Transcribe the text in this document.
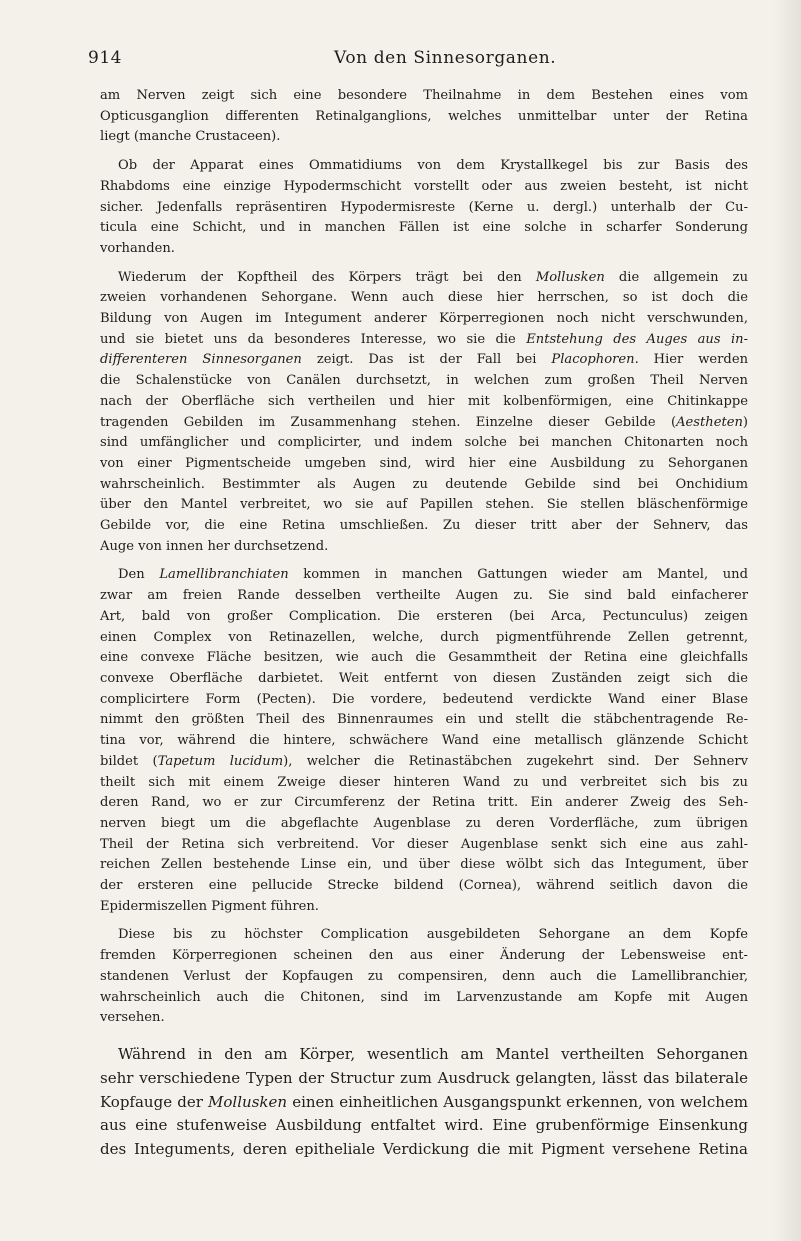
914	Von den Sinnesorganen.
am Nerven zeigt sich eine besondere Theilnahme in dem Bestehen eines vom
Opticusganglion differenten Retinalganglions, welches unmittelbar unter der Retina
liegt (manche Crustaceen).
Ob der Apparat eines Ommatidiums von dem Krystallkegel bis zur Basis des
Rhabdoms eine einzige Hypodermschicht vorstellt oder aus zweien besteht, ist nicht
sicher. Jedenfalls repräsentiren Hypodermisreste (Kerne u. dergl.) unterhalb der Cu-
ticula eine Schicht, und in manchen Fällen ist eine solche in scharfer Sonderung
vorhanden.
Wiederum der Kopftheil des Körpers trägt bei den Mollusken die allgemein zu
zweien vorhandenen Sehorgane. Wenn auch diese hier herrschen, so ist doch die
Bildung von Augen im Integument anderer Körperregionen noch nicht verschwunden,
und sie bietet uns da besonderes Interesse, wo sie die Entstehung des Auges aus in-
differenteren Sinnesorganen zeigt. Das ist der Fall bei Placophoren. Hier werden
die Schalenstücke von Canälen durchsetzt, in welchen zum großen Theil Nerven
nach der Oberfläche sich vertheilen und hier mit kolbenförmigen, eine Chitinkappe
tragenden Gebilden im Zusammenhang stehen. Einzelne dieser Gebilde (Aestheten)
sind umfänglicher und complicirter, und indem solche bei manchen Chitonarten noch
von einer Pigmentscheide umgeben sind, wird hier eine Ausbildung zu Sehorganen
wahrscheinlich. Bestimmter als Augen zu deutende Gebilde sind bei Onchidium
über den Mantel verbreitet, wo sie auf Papillen stehen. Sie stellen bläschenförmige
Gebilde vor, die eine Retina umschließen. Zu dieser tritt aber der Sehnerv, das
Auge von innen her durchsetzend.
Den Lamellibranchiaten kommen in manchen Gattungen wieder am Mantel, und
zwar am freien Rande desselben vertheilte Augen zu. Sie sind bald einfacherer
Art, bald von großer Complication. Die ersteren (bei Arca, Pectunculus) zeigen
einen Complex von Retinazellen, welche, durch pigmentführende Zellen getrennt,
eine convexe Fläche besitzen, wie auch die Gesammtheit der Retina eine gleichfalls
convexe Oberfläche darbietet. Weit entfernt von diesen Zuständen zeigt sich die
complicirtere Form (Pecten). Die vordere, bedeutend verdickte Wand einer Blase
nimmt den größten Theil des Binnenraumes ein und stellt die stäbchentragende Re-
tina vor, während die hintere, schwächere Wand eine metallisch glänzende Schicht
bildet (Tapetum lucidum), welcher die Retinastäbchen zugekehrt sind. Der Sehnerv
theilt sich mit einem Zweige dieser hinteren Wand zu und verbreitet sich bis zu
deren Rand, wo er zur Circumferenz der Retina tritt. Ein anderer Zweig des Seh-
nerven biegt um die abgeflachte Augenblase zu deren Vorderfläche, zum übrigen
Theil der Retina sich verbreitend. Vor dieser Augenblase senkt sich eine aus zahl-
reichen Zellen bestehende Linse ein, und über diese wölbt sich das Integument, über
der ersteren eine pellucide Strecke bildend (Cornea), während seitlich davon die
Epidermiszellen Pigment führen.
Diese bis zu höchster Complication ausgebildeten Sehorgane an dem Kopfe
fremden Körperregionen scheinen den aus einer Änderung der Lebensweise ent-
standenen Verlust der Kopfaugen zu compensiren, denn auch die Lamellibranchier,
wahrscheinlich auch die Chitonen, sind im Larvenzustande am Kopfe mit Augen
versehen.
Während in den am Körper, wesentlich am Mantel vertheilten Sehorganen
sehr verschiedene Typen der Structur zum Ausdruck gelangten, lässt das bilaterale
Kopfauge der Mollusken einen einheitlichen Ausgangspunkt erkennen, von welchem
aus eine stufenweise Ausbildung entfaltet wird. Eine grubenförmige Einsenkung
des Integuments, deren epitheliale Verdickung die mit Pigment versehene Retina
